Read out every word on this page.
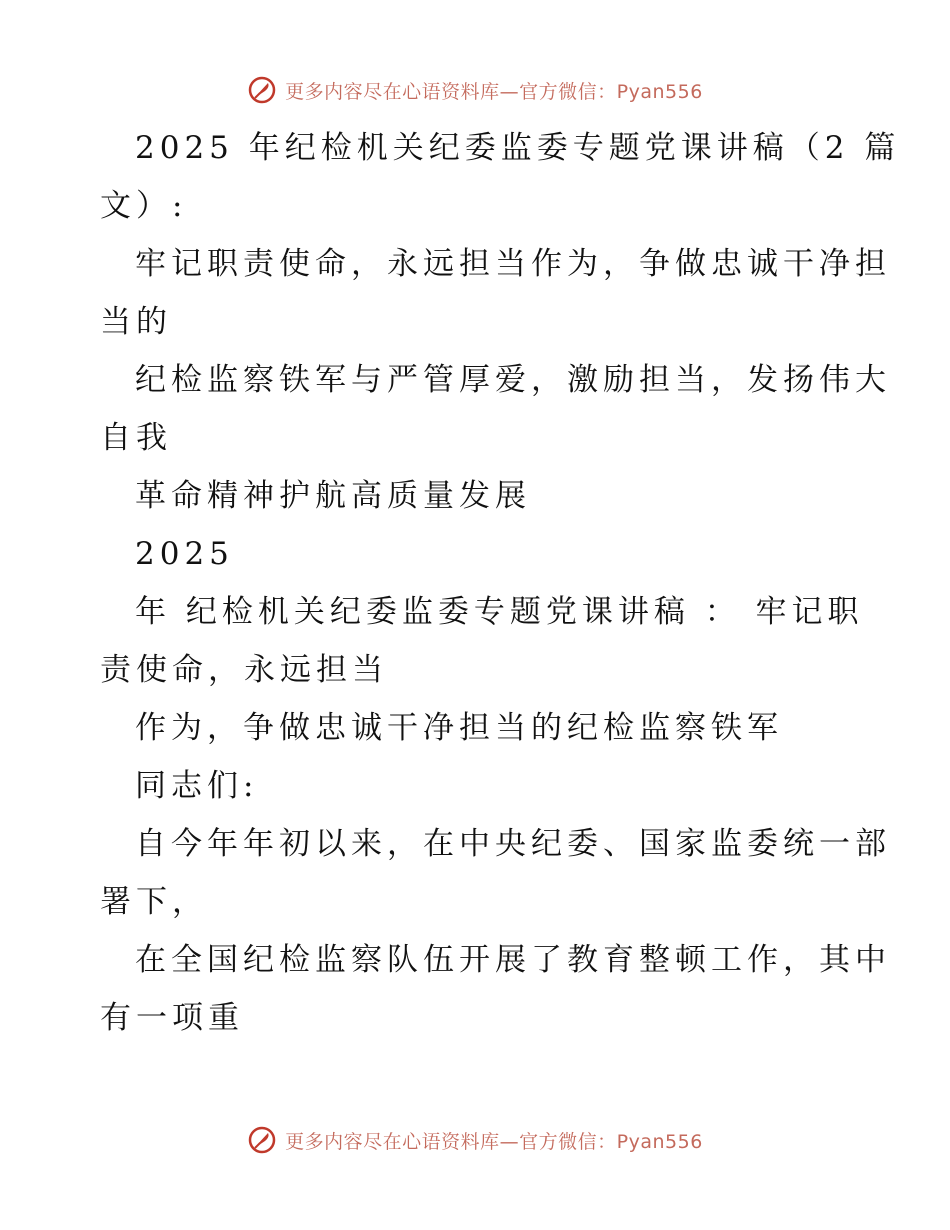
更多内容尽在心语资料库—官方微信：Pyan556
2025 年纪检机关纪委监委专题党课讲稿（2 篇
文）:
牢记职责使命，永远担当作为，争做忠诚干净担
当的
纪检监察铁军与严管厚爱，激励担当，发扬伟大
自我
革命精神护航高质量发展
2025
年 纪检机关纪委监委专题党课讲稿 ： 牢记职
责使命，永远担当
作为，争做忠诚干净担当的纪检监察铁军
同志们:
自今年年初以来，在中央纪委、国家监委统一部
署下，
在全国纪检监察队伍开展了教育整顿工作，其中
有一项重
更多内容尽在心语资料库—官方微信：Pyan556
